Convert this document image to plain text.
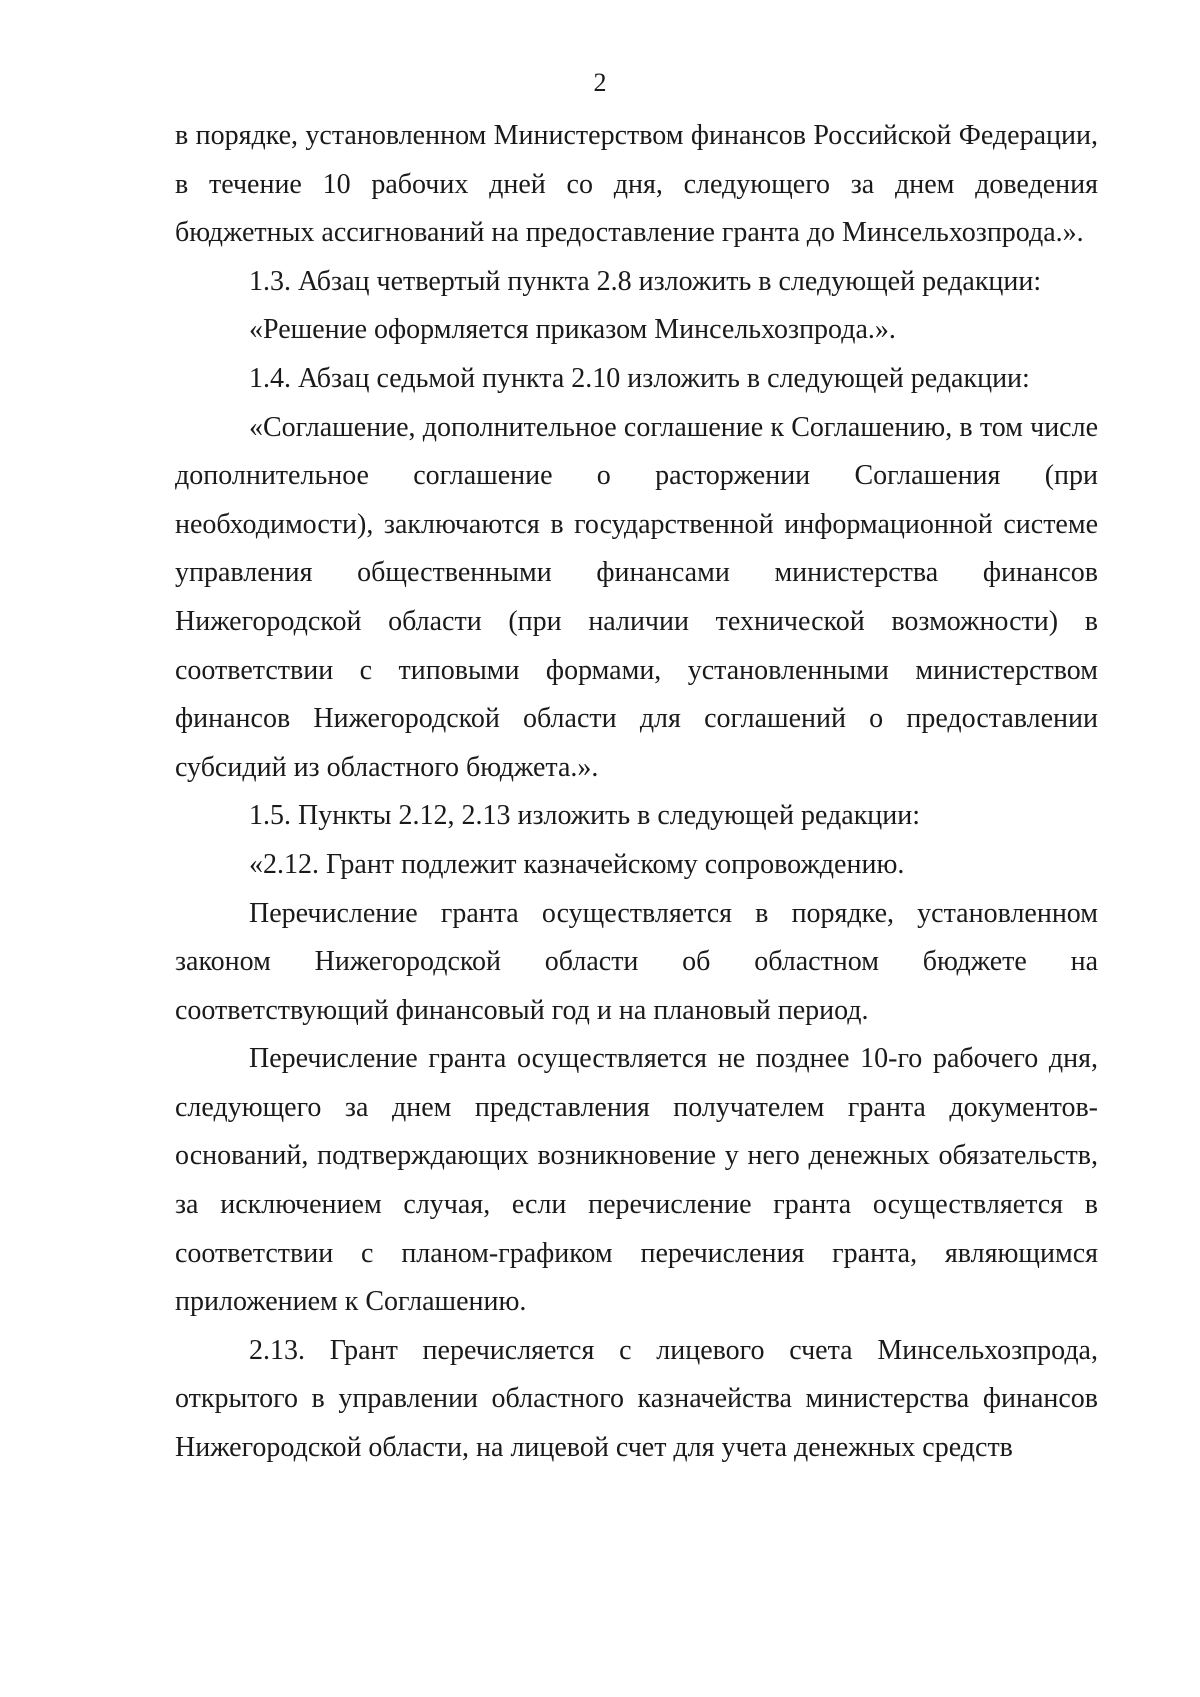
2

в порядке, установленном Министерством финансов Российской Федерации, в течение 10 рабочих дней со дня, следующего за днем доведения бюджетных ассигнований на предоставление гранта до Минсельхозпрода.».

1.3. Абзац четвертый пункта 2.8 изложить в следующей редакции:

«Решение оформляется приказом Минсельхозпрода.».

1.4. Абзац седьмой пункта 2.10 изложить в следующей редакции:

«Соглашение, дополнительное соглашение к Соглашению, в том числе дополнительное соглашение о расторжении Соглашения (при необходимости), заключаются в государственной информационной системе управления общественными финансами министерства финансов Нижегородской области (при наличии технической возможности) в соответствии с типовыми формами, установленными министерством финансов Нижегородской области для соглашений о предоставлении субсидий из областного бюджета.».

1.5. Пункты 2.12, 2.13 изложить в следующей редакции:

«2.12. Грант подлежит казначейскому сопровождению.

Перечисление гранта осуществляется в порядке, установленном законом Нижегородской области об областном бюджете на соответствующий финансовый год и на плановый период.

Перечисление гранта осуществляется не позднее 10-го рабочего дня, следующего за днем представления получателем гранта документов-оснований, подтверждающих возникновение у него денежных обязательств, за исключением случая, если перечисление гранта осуществляется в соответствии с планом-графиком перечисления гранта, являющимся приложением к Соглашению.

2.13. Грант перечисляется с лицевого счета Минсельхозпрода, открытого в управлении областного казначейства министерства финансов Нижегородской области, на лицевой счет для учета денежных средств
